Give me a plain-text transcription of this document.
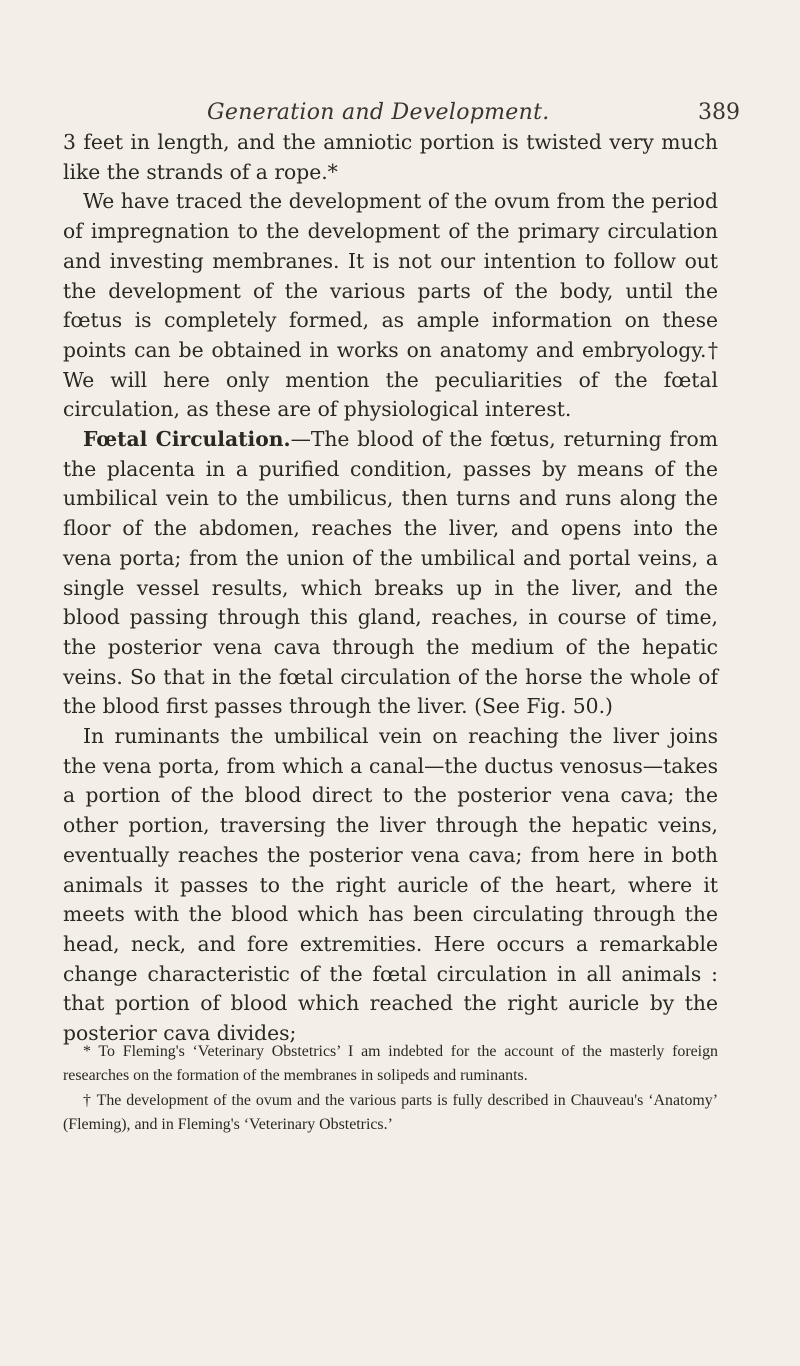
Generation and Development.	389

3 feet in length, and the amniotic portion is twisted very much like the strands of a rope.*

We have traced the development of the ovum from the period of impregnation to the development of the primary circulation and investing membranes. It is not our intention to follow out the development of the various parts of the body, until the fœtus is completely formed, as ample information on these points can be obtained in works on anatomy and embryology.† We will here only mention the peculiarities of the fœtal circulation, as these are of physiological interest.

Fœtal Circulation.—The blood of the fœtus, returning from the placenta in a purified condition, passes by means of the umbilical vein to the umbilicus, then turns and runs along the floor of the abdomen, reaches the liver, and opens into the vena porta; from the union of the umbilical and portal veins, a single vessel results, which breaks up in the liver, and the blood passing through this gland, reaches, in course of time, the posterior vena cava through the medium of the hepatic veins. So that in the fœtal circulation of the horse the whole of the blood first passes through the liver. (See Fig. 50.)

In ruminants the umbilical vein on reaching the liver joins the vena porta, from which a canal—the ductus venosus—takes a portion of the blood direct to the posterior vena cava; the other portion, traversing the liver through the hepatic veins, eventually reaches the posterior vena cava; from here in both animals it passes to the right auricle of the heart, where it meets with the blood which has been circulating through the head, neck, and fore extremities. Here occurs a remarkable change characteristic of the fœtal circulation in all animals : that portion of blood which reached the right auricle by the posterior cava divides;

* To Fleming's ‘Veterinary Obstetrics’ I am indebted for the account of the masterly foreign researches on the formation of the membranes in solipeds and ruminants.

† The development of the ovum and the various parts is fully described in Chauveau's ‘Anatomy’ (Fleming), and in Fleming's ‘Veterinary Obstetrics.’
